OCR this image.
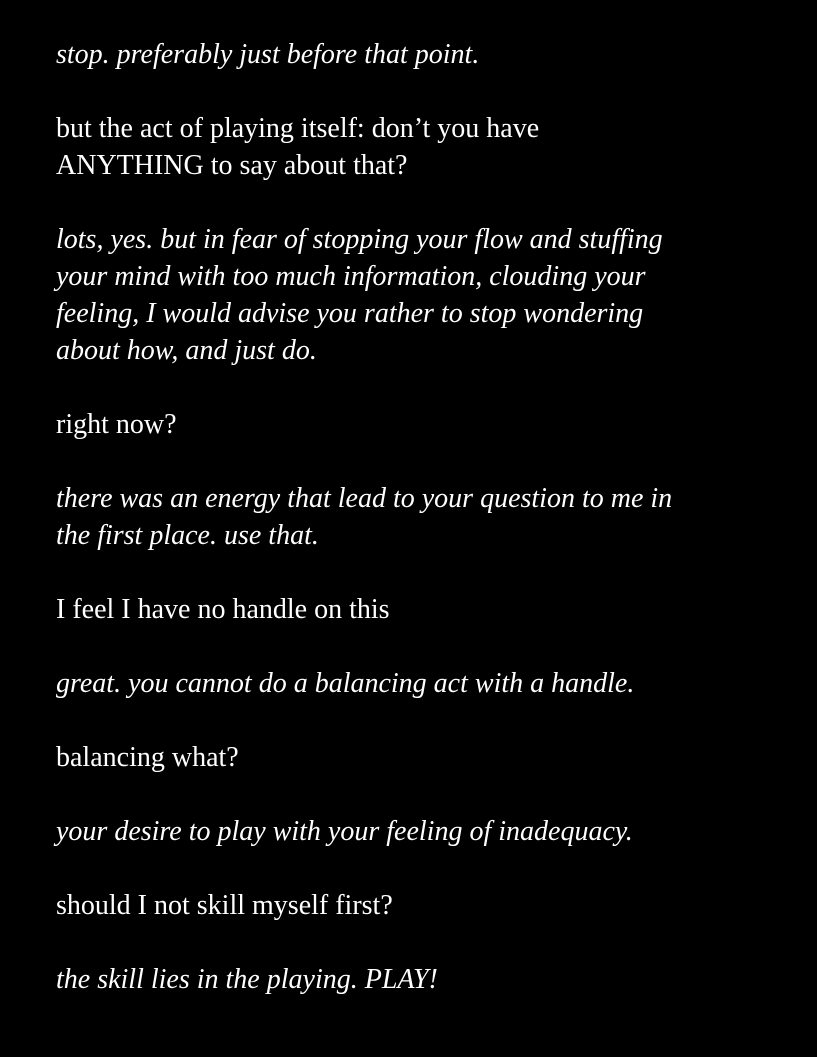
stop. preferably just before that point.

but the act of playing itself: don’t you have
ANYTHING to say about that?

lots, yes. but in fear of stopping your flow and stuffing
your mind with too much information, clouding your
feeling, I would advise you rather to stop wondering
about how, and just do.

right now?

there was an energy that lead to your question to me in
the first place. use that.

I feel I have no handle on this

great. you cannot do a balancing act with a handle.

balancing what?

your desire to play with your feeling of inadequacy.

should I not skill myself first?

the skill lies in the playing. PLAY!
